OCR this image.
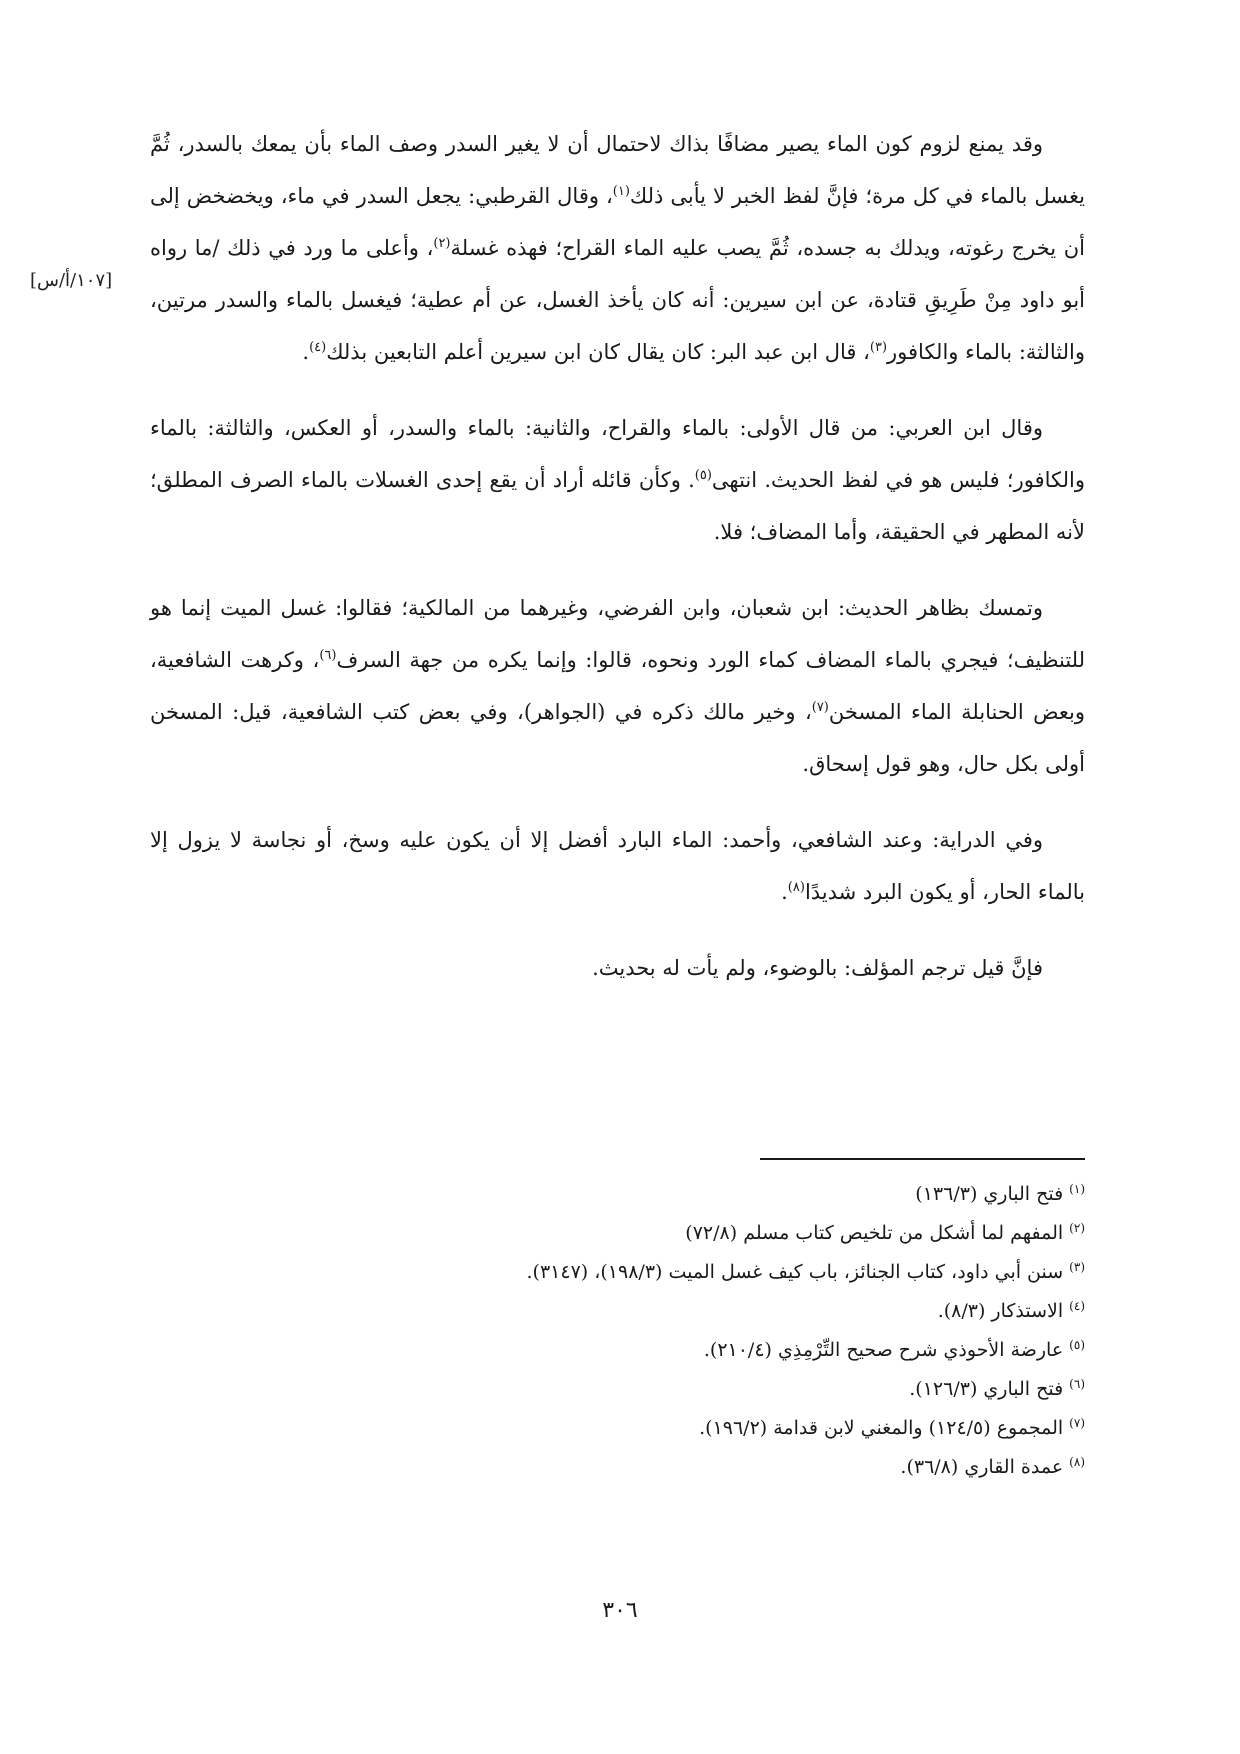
[١٠٧/أ/س]

وقد يمنع لزوم كون الماء يصير مضافًا بذاك لاحتمال أن لا يغير السدر وصف الماء بأن يمعك بالسدر، ثُمَّ يغسل بالماء في كل مرة؛ فإنَّ لفظ الخبر لا يأبى ذلك$^{(١)}$، وقال القرطبي: يجعل السدر في ماء، ويخضخض إلى أن يخرج رغوته، ويدلك به جسده، ثُمَّ يصب عليه الماء القراح؛ فهذه غسلة$^{(٢)}$، وأعلى ما ورد في ذلك /ما رواه أبو داود مِنْ طَرِيقِ قتادة، عن ابن سيرين: أنه كان يأخذ الغسل، عن أم عطية؛ فيغسل بالماء والسدر مرتين، والثالثة: بالماء والكافور$^{(٣)}$، قال ابن عبد البر: كان يقال كان ابن سيرين أعلم التابعين بذلك$^{(٤)}$.

وقال ابن العربي: من قال الأولى: بالماء والقراح، والثانية: بالماء والسدر، أو العكس، والثالثة: بالماء والكافور؛ فليس هو في لفظ الحديث. انتهى$^{(٥)}$. وكأن قائله أراد أن يقع إحدى الغسلات بالماء الصرف المطلق؛ لأنه المطهر في الحقيقة، وأما المضاف؛ فلا.

وتمسك بظاهر الحديث: ابن شعبان، وابن الفرضي، وغيرهما من المالكية؛ فقالوا: غسل الميت إنما هو للتنظيف؛ فيجري بالماء المضاف كماء الورد ونحوه، قالوا: وإنما يكره من جهة السرف$^{(٦)}$، وكرهت الشافعية، وبعض الحنابلة الماء المسخن$^{(٧)}$، وخير مالك ذكره في (الجواهر)، وفي بعض كتب الشافعية، قيل: المسخن أولى بكل حال، وهو قول إسحاق.

وفي الدراية: وعند الشافعي، وأحمد: الماء البارد أفضل إلا أن يكون عليه وسخ، أو نجاسة لا يزول إلا بالماء الحار، أو يكون البرد شديدًا$^{(٨)}$.

فإنَّ قيل ترجم المؤلف: بالوضوء، ولم يأت له بحديث.

$^{(١)}$فتح الباري (١٣٦/٣)
$^{(٢)}$المفهم لما أشكل من تلخيص كتاب مسلم (٧٢/٨)
$^{(٣)}$سنن أبي داود، كتاب الجنائز، باب كيف غسل الميت (١٩٨/٣)، (٣١٤٧).
$^{(٤)}$الاستذكار (٨/٣).
$^{(٥)}$عارضة الأحوذي شرح صحيح التِّرْمِذِي (٢١٠/٤).
$^{(٦)}$فتح الباري (١٢٦/٣).
$^{(٧)}$المجموع (١٢٤/٥) والمغني لابن قدامة (١٩٦/٢).
$^{(٨)}$عمدة القاري (٣٦/٨).
٣٠٦
